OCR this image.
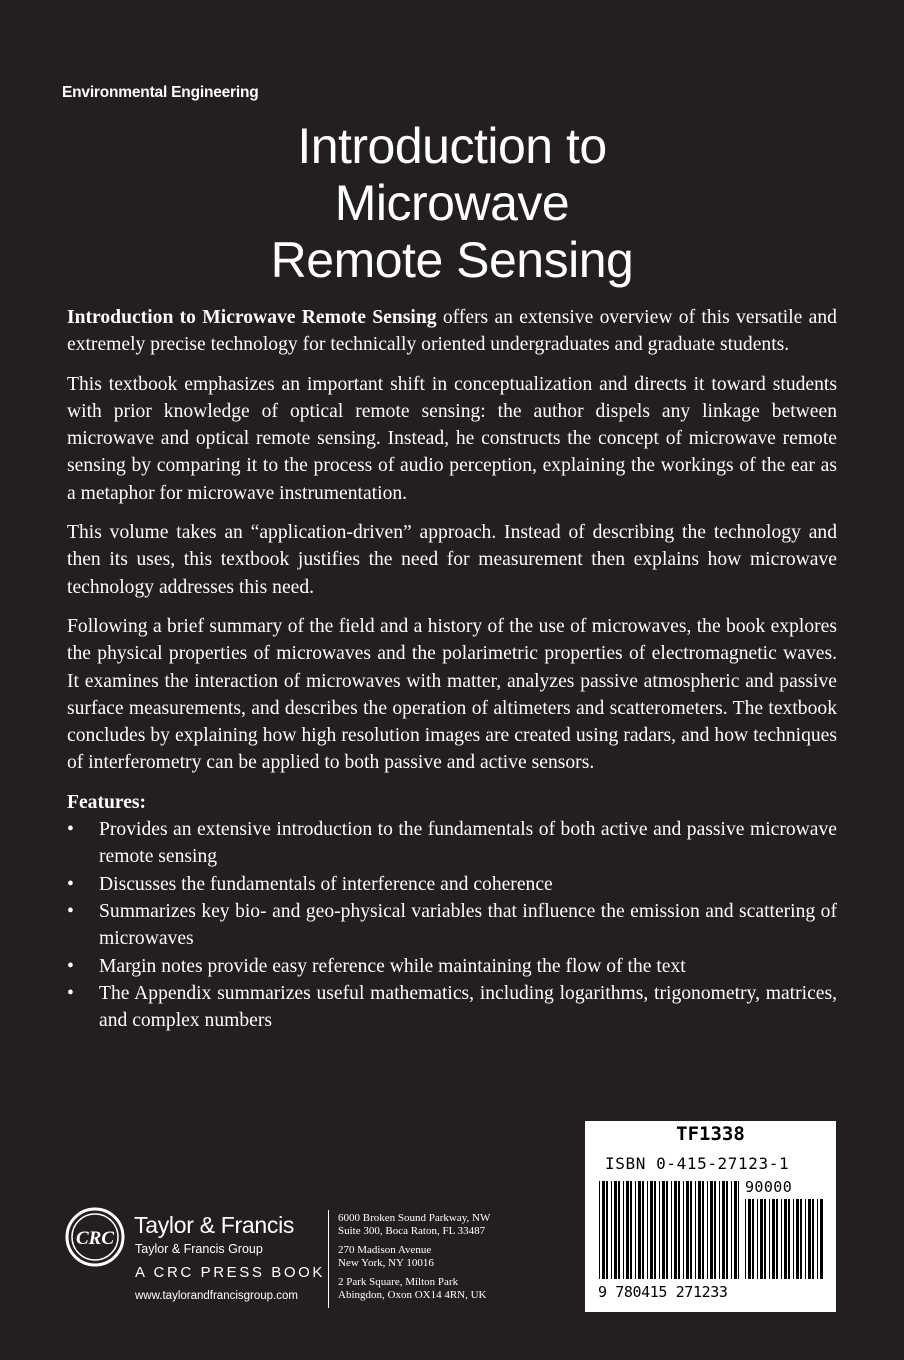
Environmental Engineering
Introduction to
Microwave
Remote Sensing

Introduction to Microwave Remote Sensing offers an extensive overview of this versatile and extremely precise technology for technically oriented undergraduates and graduate students.

This textbook emphasizes an important shift in conceptualization and directs it toward students with prior knowledge of optical remote sensing: the author dispels any linkage between microwave and optical remote sensing. Instead, he constructs the concept of microwave remote sensing by comparing it to the process of audio perception, explaining the workings of the ear as a metaphor for microwave instrumentation.

This volume takes an “application-driven” approach. Instead of describing the technology and then its uses, this textbook justifies the need for measurement then explains how microwave technology addresses this need.

Following a brief summary of the field and a history of the use of microwaves, the book explores the physical properties of microwaves and the polarimetric properties of electromagnetic waves. It examines the interaction of microwaves with matter, analyzes passive atmospheric and passive surface measurements, and describes the operation of altimeters and scatterometers. The textbook concludes by explaining how high resolution images are created using radars, and how techniques of interferometry can be applied to both passive and active sensors.

Features:
• Provides an extensive introduction to the fundamentals of both active and passive microwave remote sensing
• Discusses the fundamentals of interference and coherence
• Summarizes key bio- and geo-physical variables that influence the emission and scattering of microwaves
• Margin notes provide easy reference while maintaining the flow of the text
• The Appendix summarizes useful mathematics, including logarithms, trigonometry, matrices, and complex numbers
CRC
Taylor & Francis
Taylor & Francis Group
A CRC PRESS BOOK
www.taylorandfrancisgroup.com
6000 Broken Sound Parkway, NW
Suite 300, Boca Raton, FL 33487
270 Madison Avenue
New York, NY 10016
2 Park Square, Milton Park
Abingdon, Oxon OX14 4RN, UK
TF1338
ISBN 0-415-27123-1
90000
9 780415 271233
